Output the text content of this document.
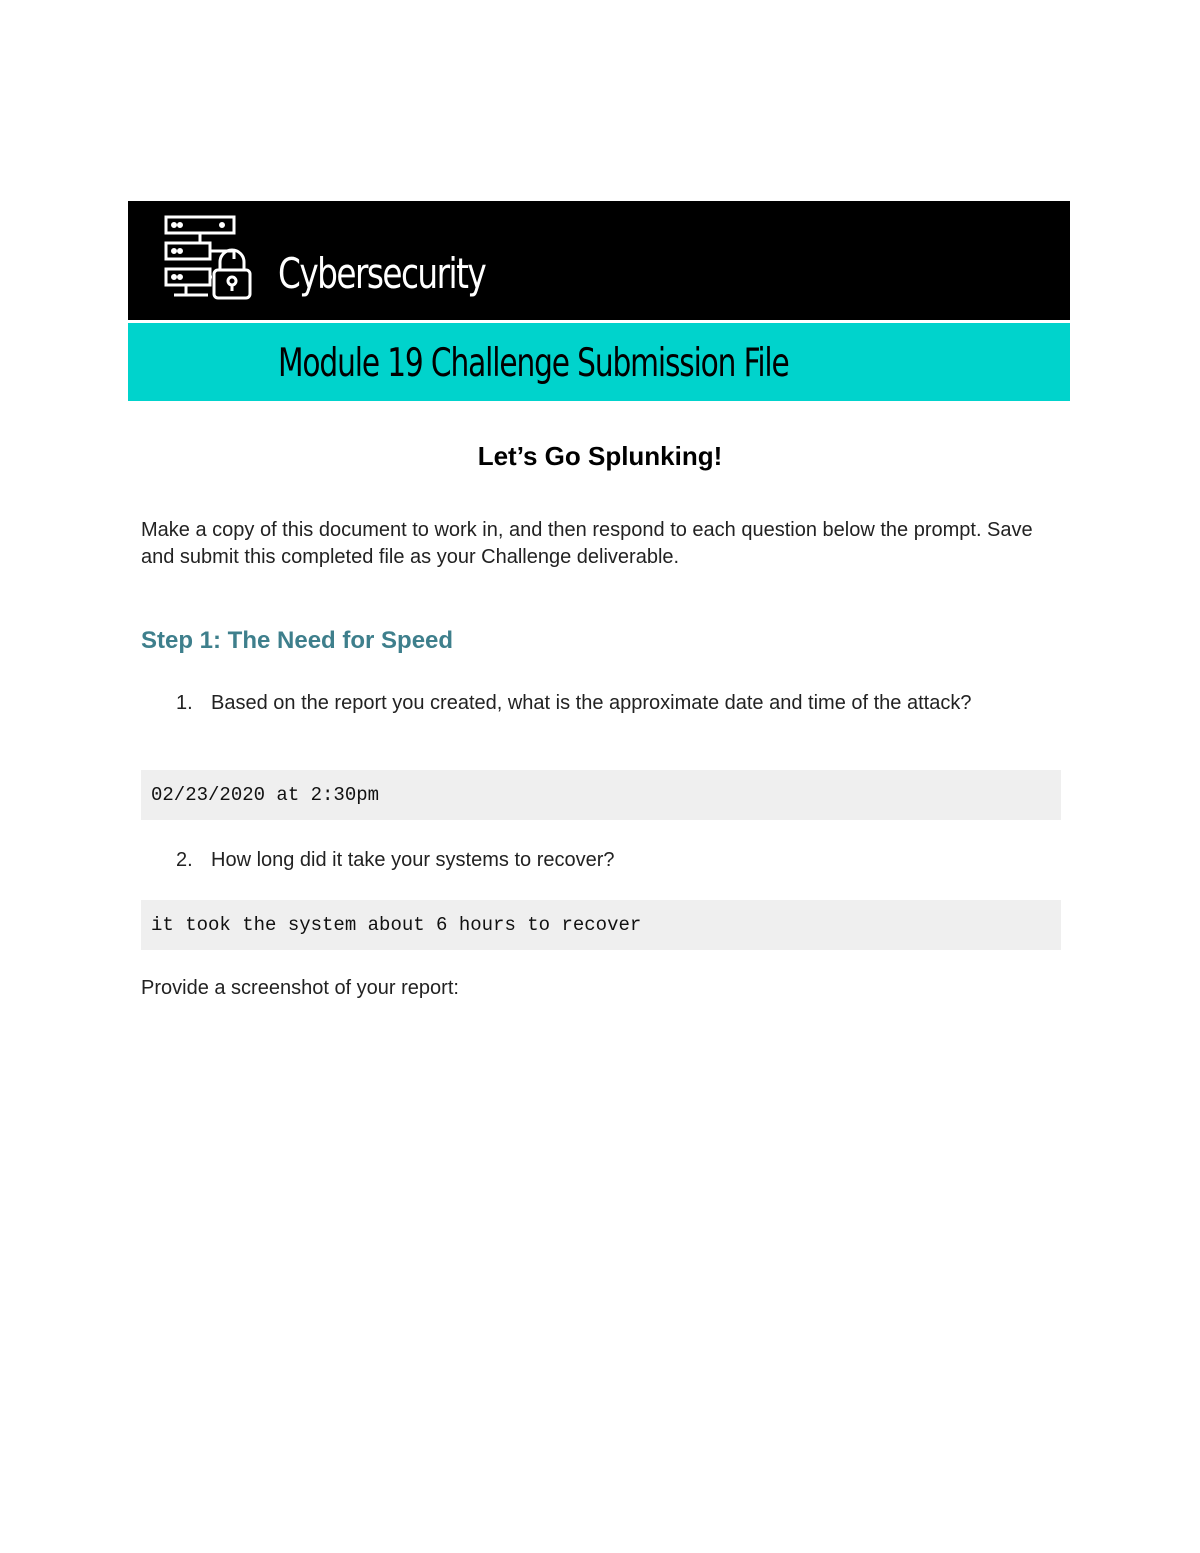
Cybersecurity
Module 19 Challenge Submission File
Let’s Go Splunking!
Make a copy of this document to work in, and then respond to each question below the prompt. Save and submit this completed file as your Challenge deliverable.
Step 1: The Need for Speed
1. Based on the report you created, what is the approximate date and time of the attack?
02/23/2020 at 2:30pm
2. How long did it take your systems to recover?
it took the system about 6 hours to recover
Provide a screenshot of your report:
